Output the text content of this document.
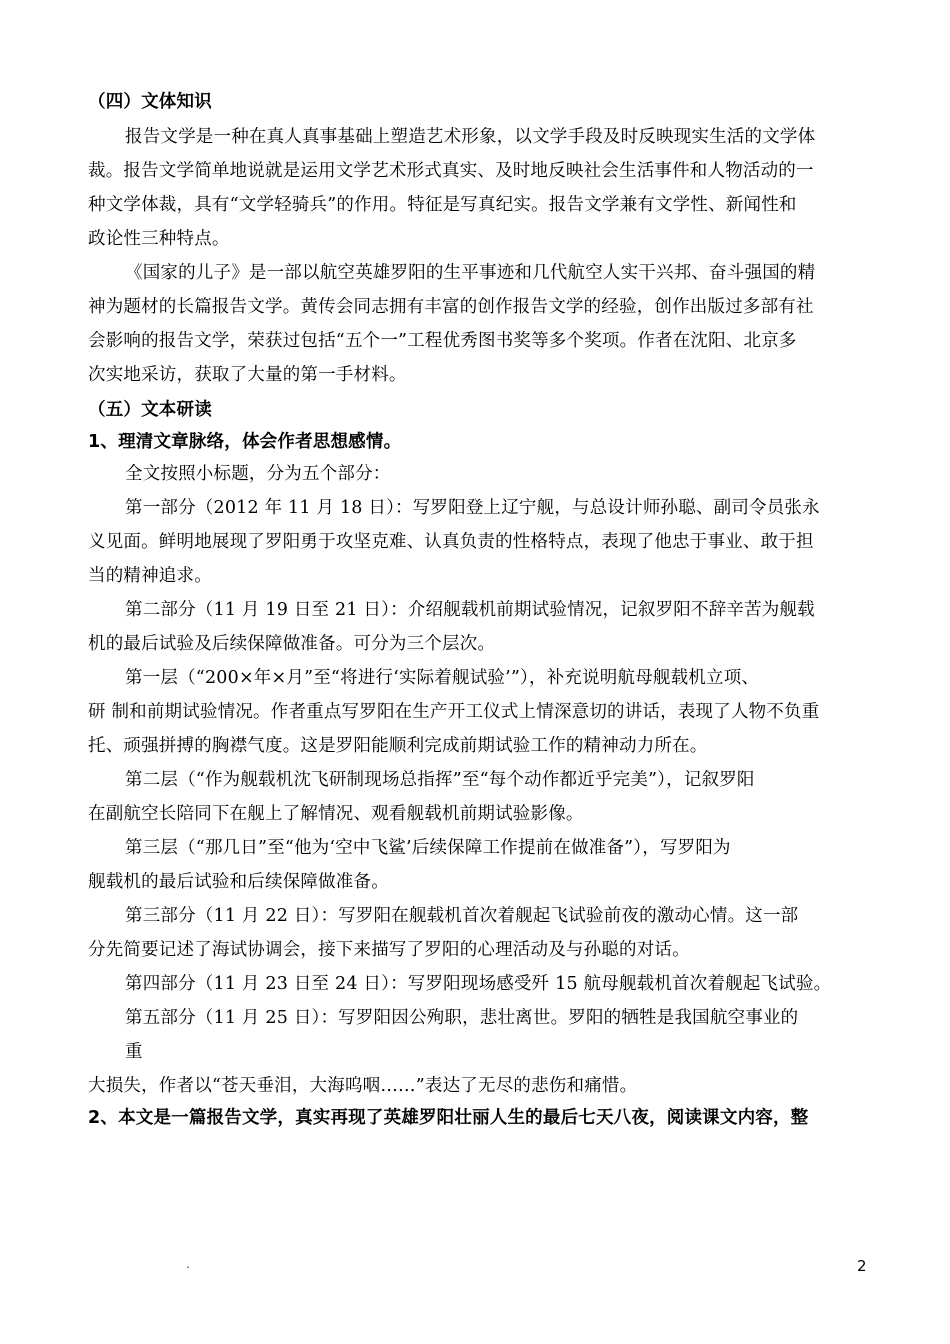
（四）文体知识
报告文学是一种在真人真事基础上塑造艺术形象，以文学手段及时反映现实生活的文学体
裁。报告文学简单地说就是运用文学艺术形式真实、及时地反映社会生活事件和人物活动的一
种文学体裁，具有“文学轻骑兵”的作用。特征是写真纪实。报告文学兼有文学性、新闻性和
政论性三种特点。
《国家的儿子》是一部以航空英雄罗阳的生平事迹和几代航空人实干兴邦、奋斗强国的精
神为题材的长篇报告文学。黄传会同志拥有丰富的创作报告文学的经验，创作出版过多部有社
会影响的报告文学，荣获过包括“五个一”工程优秀图书奖等多个奖项。作者在沈阳、北京多
次实地采访，获取了大量的第一手材料。
（五）文本研读
1、理清文章脉络，体会作者思想感情。
全文按照小标题，分为五个部分：
第一部分（2012 年 11 月 18 日）：写罗阳登上辽宁舰，与总设计师孙聪、副司令员张永
义见面。鲜明地展现了罗阳勇于攻坚克难、认真负责的性格特点，表现了他忠于事业、敢于担
当的精神追求。
第二部分（11 月 19 日至 21 日）：介绍舰载机前期试验情况，记叙罗阳不辞辛苦为舰载
机的最后试验及后续保障做准备。可分为三个层次。
第一层（“200×年×月”至“将进行‘实际着舰试验’”），补充说明航母舰载机立项、
研 制和前期试验情况。作者重点写罗阳在生产开工仪式上情深意切的讲话，表现了人物不负重
托、顽强拼搏的胸襟气度。这是罗阳能顺利完成前期试验工作的精神动力所在。
第二层（“作为舰载机沈飞研制现场总指挥”至“每个动作都近乎完美”），记叙罗阳
在副航空长陪同下在舰上了解情况、观看舰载机前期试验影像。
第三层（“那几日”至“他为‘空中飞鲨’后续保障工作提前在做准备”），写罗阳为
舰载机的最后试验和后续保障做准备。
第三部分（11 月 22 日）：写罗阳在舰载机首次着舰起飞试验前夜的激动心情。这一部
分先简要记述了海试协调会，接下来描写了罗阳的心理活动及与孙聪的对话。
第四部分（11 月 23 日至 24 日）：写罗阳现场感受歼 15 航母舰载机首次着舰起飞试验。
第五部分（11 月 25 日）：写罗阳因公殉职，悲壮离世。罗阳的牺牲是我国航空事业的
重
大损失，作者以“苍天垂泪，大海呜咽……”表达了无尽的悲伤和痛惜。
2、本文是一篇报告文学，真实再现了英雄罗阳壮丽人生的最后七天八夜，阅读课文内容，整
.	2
